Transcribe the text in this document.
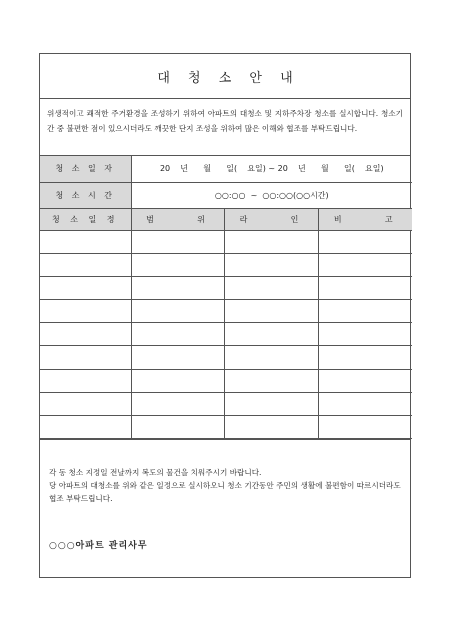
대 청 소 안 내
위생적이고 쾌적한 주거환경을 조성하기 위하여 아파트의 대청소 및 지하주차장 청소를 실시합니다. 청소기간 중 불편한 점이 있으시더라도 깨끗한 단지 조성을 위하여 많은 이해와 협조를 부탁드립니다.
청 소 일 자	20    년      월      일(    요일) ~ 20    년      월      일(    요일)		
청 소 시 간	○○:○○  ~  ○○:○○(○○시간)		
청 소 일 정	범      위	라      인	비      고

각 동 청소 지정일 전날까지 복도의 물건을 치워주시기 바랍니다.
당 아파트의 대청소를 위와 같은 일정으로 실시하오니 청소 기간동안 주민의 생활에 불편함이 따르시더라도 협조 부탁드립니다.
○○○아파트 관리사무
